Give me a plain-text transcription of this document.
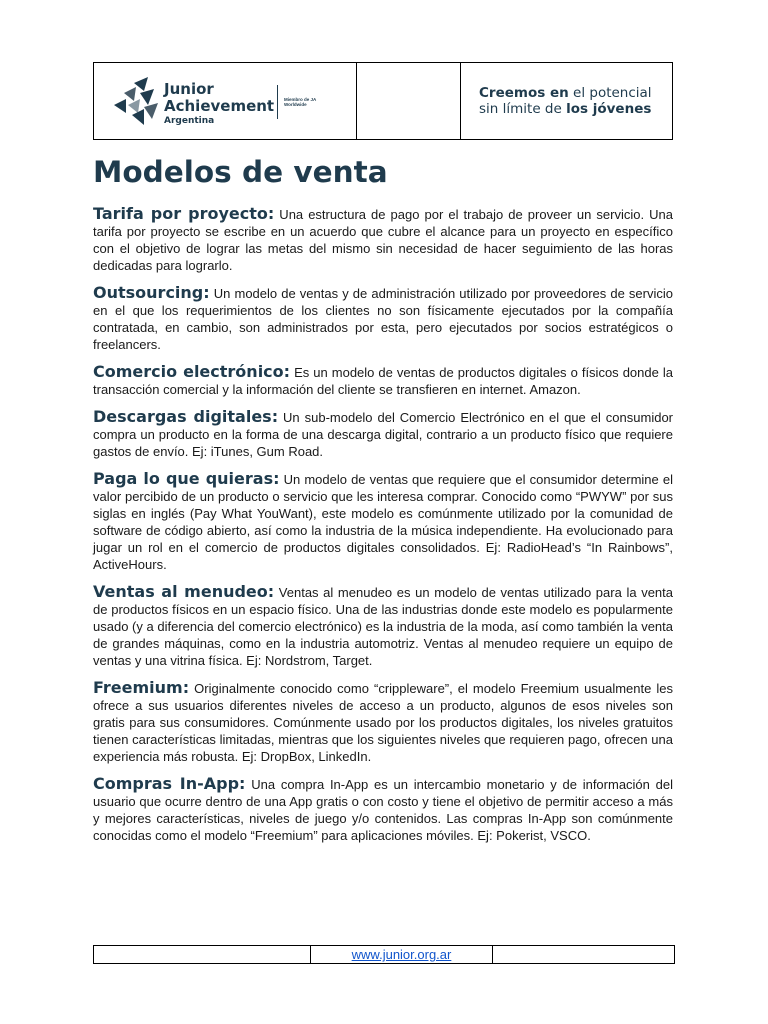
Junior
Achievement
Argentina
Miembro de JA Worldwide
Creemos en el potencial
sin límite de los jóvenes
Modelos de venta

Tarifa por proyecto: Una estructura de pago por el trabajo de proveer un servicio. Una tarifa por proyecto se escribe en un acuerdo que cubre el alcance para un proyecto en específico con el objetivo de lograr las metas del mismo sin necesidad de hacer seguimiento de las horas dedicadas para lograrlo.

Outsourcing: Un modelo de ventas y de administración utilizado por proveedores de servicio en el que los requerimientos de los clientes no son físicamente ejecutados por la compañía contratada, en cambio, son administrados por esta, pero ejecutados por socios estratégicos o freelancers.

Comercio electrónico: Es un modelo de ventas de productos digitales o físicos donde la transacción comercial y la información del cliente se transfieren en internet. Amazon.

Descargas digitales: Un sub-modelo del Comercio Electrónico en el que el consumidor compra un producto en la forma de una descarga digital, contrario a un producto físico que requiere gastos de envío. Ej: iTunes, Gum Road.

Paga lo que quieras: Un modelo de ventas que requiere que el consumidor determine el valor percibido de un producto o servicio que les interesa comprar. Conocido como “PWYW” por sus siglas en inglés (Pay What YouWant), este modelo es comúnmente utilizado por la comunidad de software de código abierto, así como la industria de la música independiente. Ha evolucionado para jugar un rol en el comercio de productos digitales consolidados. Ej: RadioHead’s “In Rainbows”, ActiveHours.

Ventas al menudeo: Ventas al menudeo es un modelo de ventas utilizado para la venta de productos físicos en un espacio físico. Una de las industrias donde este modelo es popularmente usado (y a diferencia del comercio electrónico) es la industria de la moda, así como también la venta de grandes máquinas, como en la industria automotriz. Ventas al menudeo requiere un equipo de ventas y una vitrina física. Ej: Nordstrom, Target.

Freemium: Originalmente conocido como “crippleware”, el modelo Freemium usualmente les ofrece a sus usuarios diferentes niveles de acceso a un producto, algunos de esos niveles son gratis para sus consumidores. Comúnmente usado por los productos digitales, los niveles gratuitos tienen características limitadas, mientras que los siguientes niveles que requieren pago, ofrecen una experiencia más robusta. Ej: DropBox, LinkedIn.

Compras In-App: Una compra In-App es un intercambio monetario y de información del usuario que ocurre dentro de una App gratis o con costo y tiene el objetivo de permitir acceso a más y mejores características, niveles de juego y/o contenidos. Las compras In-App son comúnmente conocidas como el modelo “Freemium” para aplicaciones móviles. Ej: Pokerist, VSCO.

www.junior.org.ar
